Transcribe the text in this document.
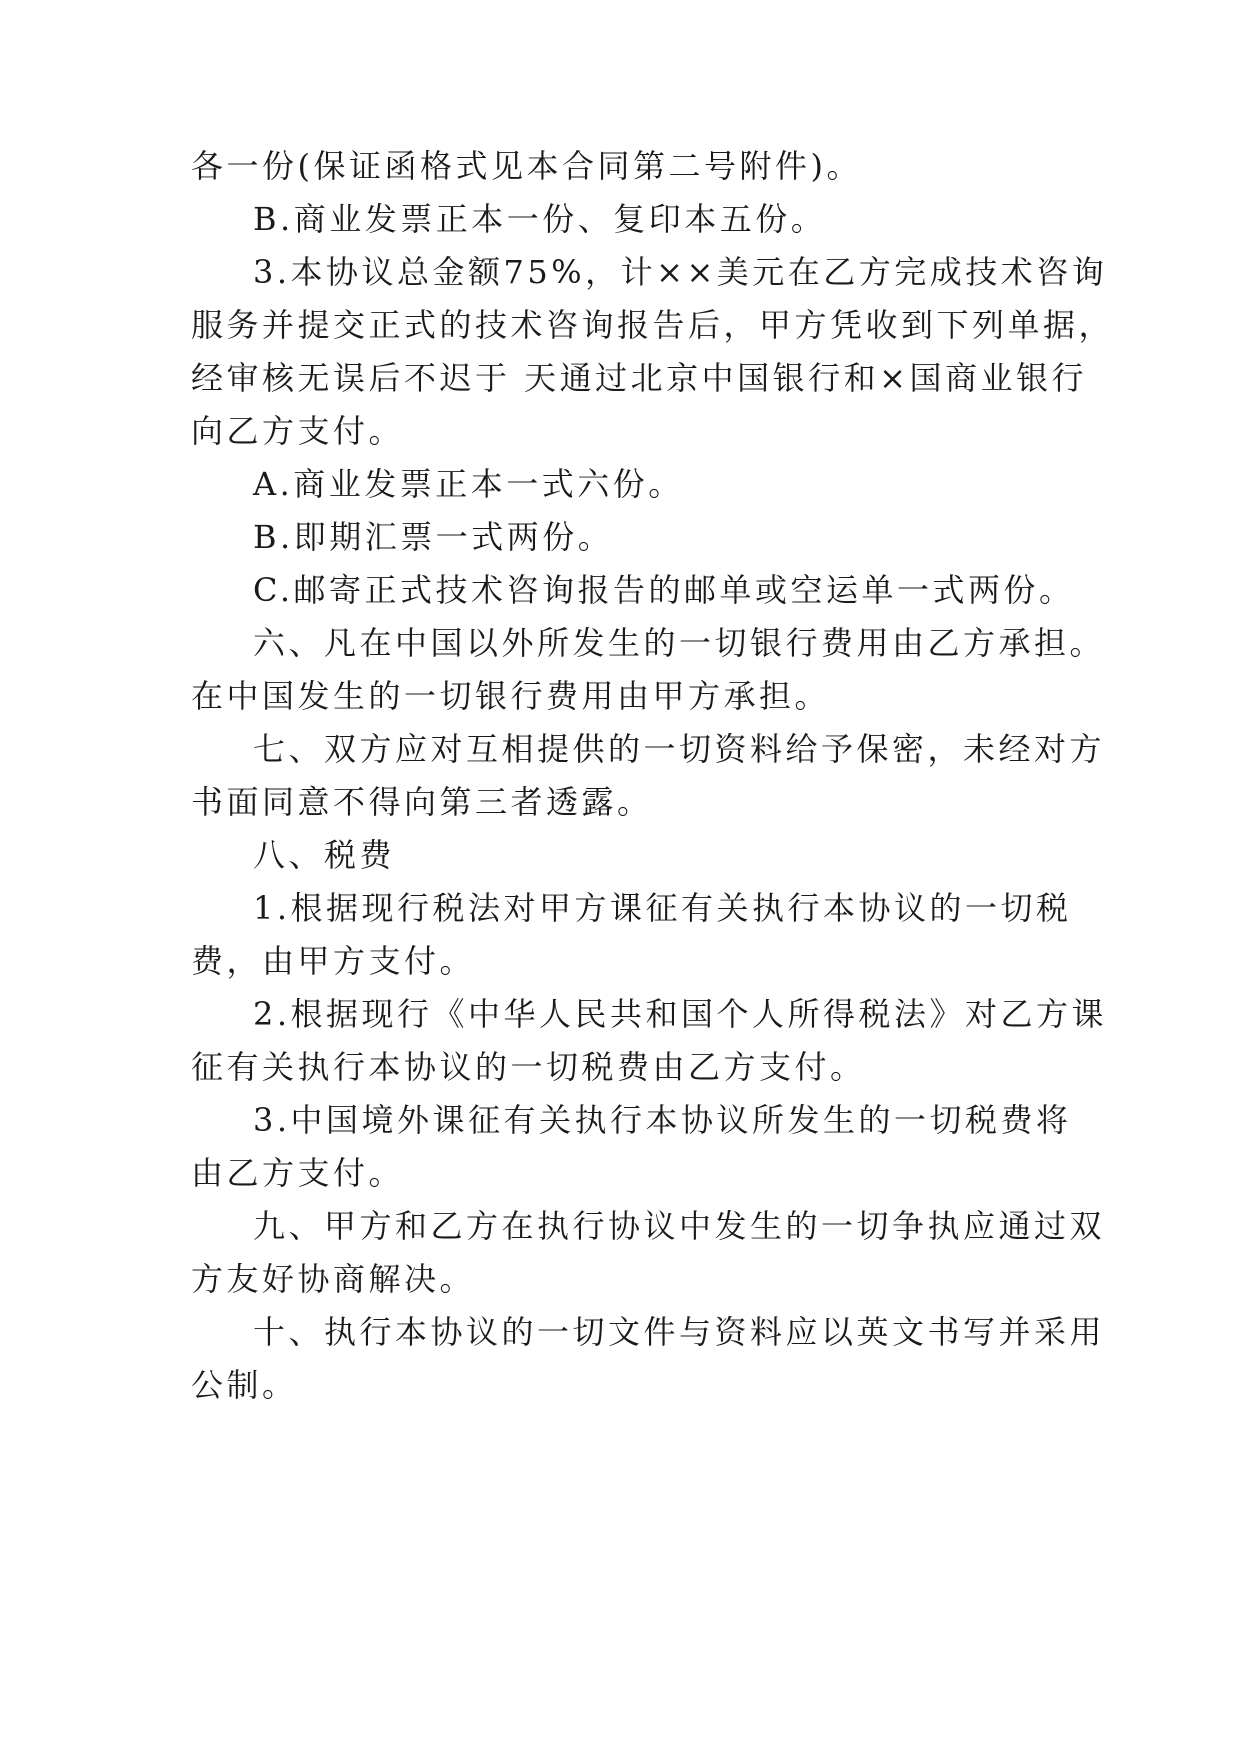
各一份(保证函格式见本合同第二号附件)。
B.商业发票正本一份、复印本五份。
3.本协议总金额75%，计××美元在乙方完成技术咨询
服务并提交正式的技术咨询报告后，甲方凭收到下列单据，
经审核无误后不迟于 天通过北京中国银行和×国商业银行
向乙方支付。
A.商业发票正本一式六份。
B.即期汇票一式两份。
C.邮寄正式技术咨询报告的邮单或空运单一式两份。
六、凡在中国以外所发生的一切银行费用由乙方承担。
在中国发生的一切银行费用由甲方承担。
七、双方应对互相提供的一切资料给予保密，未经对方
书面同意不得向第三者透露。
八、税费
1.根据现行税法对甲方课征有关执行本协议的一切税
费，由甲方支付。
2.根据现行《中华人民共和国个人所得税法》对乙方课
征有关执行本协议的一切税费由乙方支付。
3.中国境外课征有关执行本协议所发生的一切税费将
由乙方支付。
九、甲方和乙方在执行协议中发生的一切争执应通过双
方友好协商解决。
十、执行本协议的一切文件与资料应以英文书写并采用
公制。
